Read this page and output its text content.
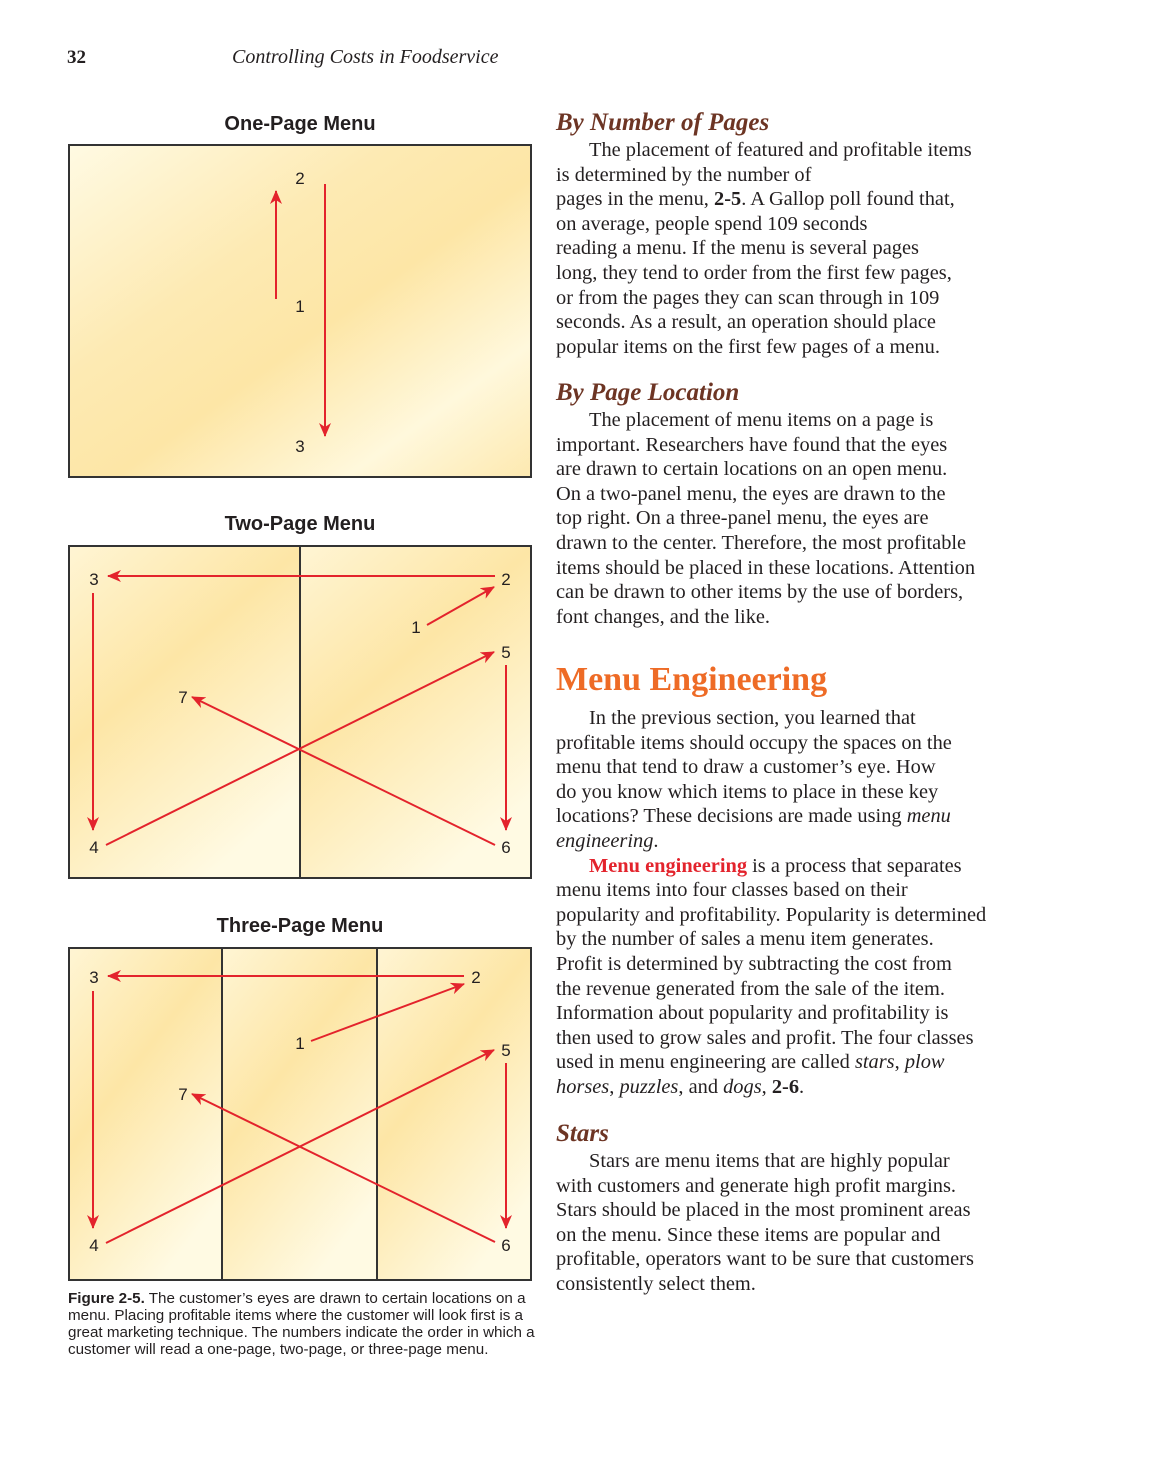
32	Controlling Costs in Foodservice
One-Page Menu
Two-Page Menu
Three-Page Menu
2
1
3
3	2
1
5
7
4	6
3	2
1	5
7
4	6
Figure 2-5. The customer’s eyes are drawn to certain locations on a menu. Placing profitable items where the customer will look first is a great marketing technique. The numbers indicate the order in which a customer will read a one-page, two-page, or three-page menu.
By Number of Pages
The placement of featured and profitable items
is determined by the number of
pages in the menu, 2-5. A Gallop poll found that,
on average, people spend 109 seconds
reading a menu. If the menu is several pages
long, they tend to order from the first few pages,
or from the pages they can scan through in 109
seconds. As a result, an operation should place
popular items on the first few pages of a menu.
By Page Location
The placement of menu items on a page is
important. Researchers have found that the eyes
are drawn to certain locations on an open menu.
On a two-panel menu, the eyes are drawn to the
top right. On a three-panel menu, the eyes are
drawn to the center. Therefore, the most profitable
items should be placed in these locations. Attention
can be drawn to other items by the use of borders,
font changes, and the like.
Menu Engineering
In the previous section, you learned that
profitable items should occupy the spaces on the
menu that tend to draw a customer’s eye. How
do you know which items to place in these key
locations? These decisions are made using menu
engineering.
Menu engineering is a process that separates
menu items into four classes based on their
popularity and profitability. Popularity is determined
by the number of sales a menu item generates.
Profit is determined by subtracting the cost from
the revenue generated from the sale of the item.
Information about popularity and profitability is
then used to grow sales and profit. The four classes
used in menu engineering are called stars, plow
horses, puzzles, and dogs, 2-6.
Stars
Stars are menu items that are highly popular
with customers and generate high profit margins.
Stars should be placed in the most prominent areas
on the menu. Since these items are popular and
profitable, operators want to be sure that customers
consistently select them.
